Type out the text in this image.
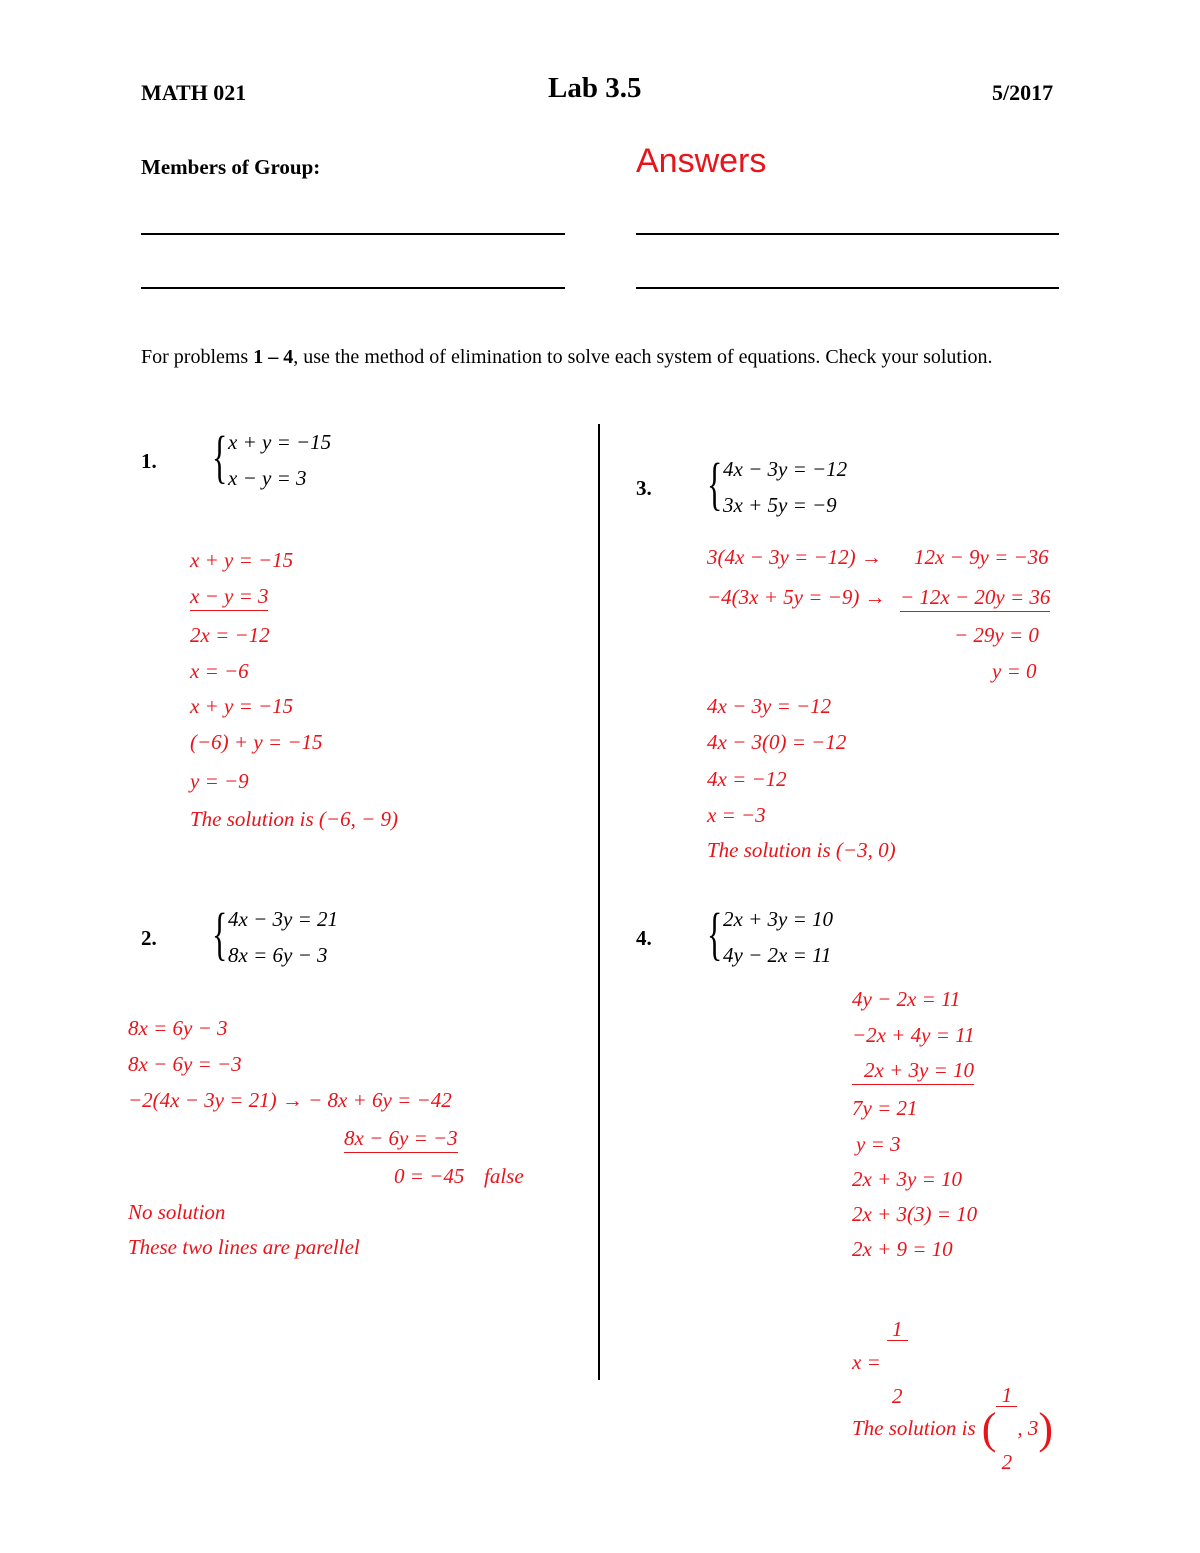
MATH 021	Lab 3.5	5/2017
Members of Group:	Answers
For problems 1 – 4, use the method of elimination to solve each system of equations. Check your solution.
1. { x + y = −15
x − y = 3
x + y = −15
x − y = 3
2x = −12
x = −6
x + y = −15
(−6) + y = −15
y = −9
The solution is (−6, − 9)
2. { 4x − 3y = 21
8x = 6y − 3
8x = 6y − 3
8x − 6y = −3
−2(4x − 3y = 21) → − 8x + 6y = −42
8x − 6y = −3
0 = −45 false
No solution
These two lines are parellel
3. { 4x − 3y = −12
3x + 5y = −9
3(4x − 3y = −12) → 12x − 9y = −36
−4(3x + 5y = −9) → − 12x − 20y = 36
− 29y = 0
y = 0
4x − 3y = −12
4x − 3(0) = −12
4x = −12
x = −3
The solution is (−3, 0)
4. { 2x + 3y = 10
4y − 2x = 11
4y − 2x = 11
−2x + 4y = 11
2x + 3y = 10
7y = 21
y = 3
2x + 3y = 10
2x + 3(3) = 10
2x + 9 = 10
x =

$\frac{1}{2}$

The solution is (

$\frac{1}{2}$

, 3 )
